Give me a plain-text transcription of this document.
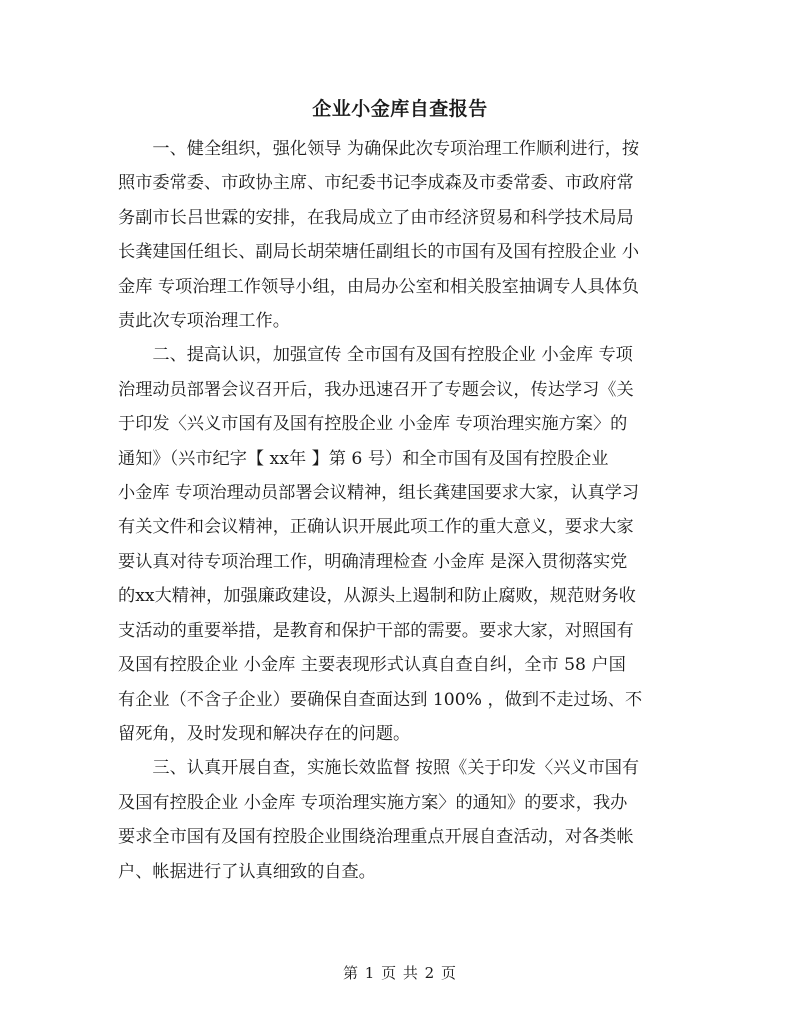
企业小金库自查报告

一、健全组织，强化领导 为确保此次专项治理工作顺利进行，按
照市委常委、市政协主席、市纪委书记李成森及市委常委、市政府常
务副市长吕世霖的安排，在我局成立了由市经济贸易和科学技术局局
长龚建国任组长、副局长胡荣塘任副组长的市国有及国有控股企业 小
金库 专项治理工作领导小组，由局办公室和相关股室抽调专人具体负
责此次专项治理工作。

二、提高认识，加强宣传 全市国有及国有控股企业 小金库 专项
治理动员部署会议召开后，我办迅速召开了专题会议，传达学习《关
于印发〈兴义市国有及国有控股企业 小金库 专项治理实施方案〉的
通知》（兴市纪字【 xx年 】第 6 号）和全市国有及国有控股企业
小金库 专项治理动员部署会议精神，组长龚建国要求大家，认真学习
有关文件和会议精神，正确认识开展此项工作的重大意义，要求大家
要认真对待专项治理工作，明确清理检查 小金库 是深入贯彻落实党
的xx大精神，加强廉政建设，从源头上遏制和防止腐败，规范财务收
支活动的重要举措，是教育和保护干部的需要。要求大家，对照国有
及国有控股企业 小金库 主要表现形式认真自查自纠，全市 58 户国
有企业（不含子企业）要确保自查面达到 100% ，做到不走过场、不
留死角，及时发现和解决存在的问题。

三、认真开展自查，实施长效监督 按照《关于印发〈兴义市国有
及国有控股企业 小金库 专项治理实施方案〉的通知》的要求，我办
要求全市国有及国有控股企业围绕治理重点开展自查活动，对各类帐
户、帐据进行了认真细致的自查。

第 1 页 共 2 页
